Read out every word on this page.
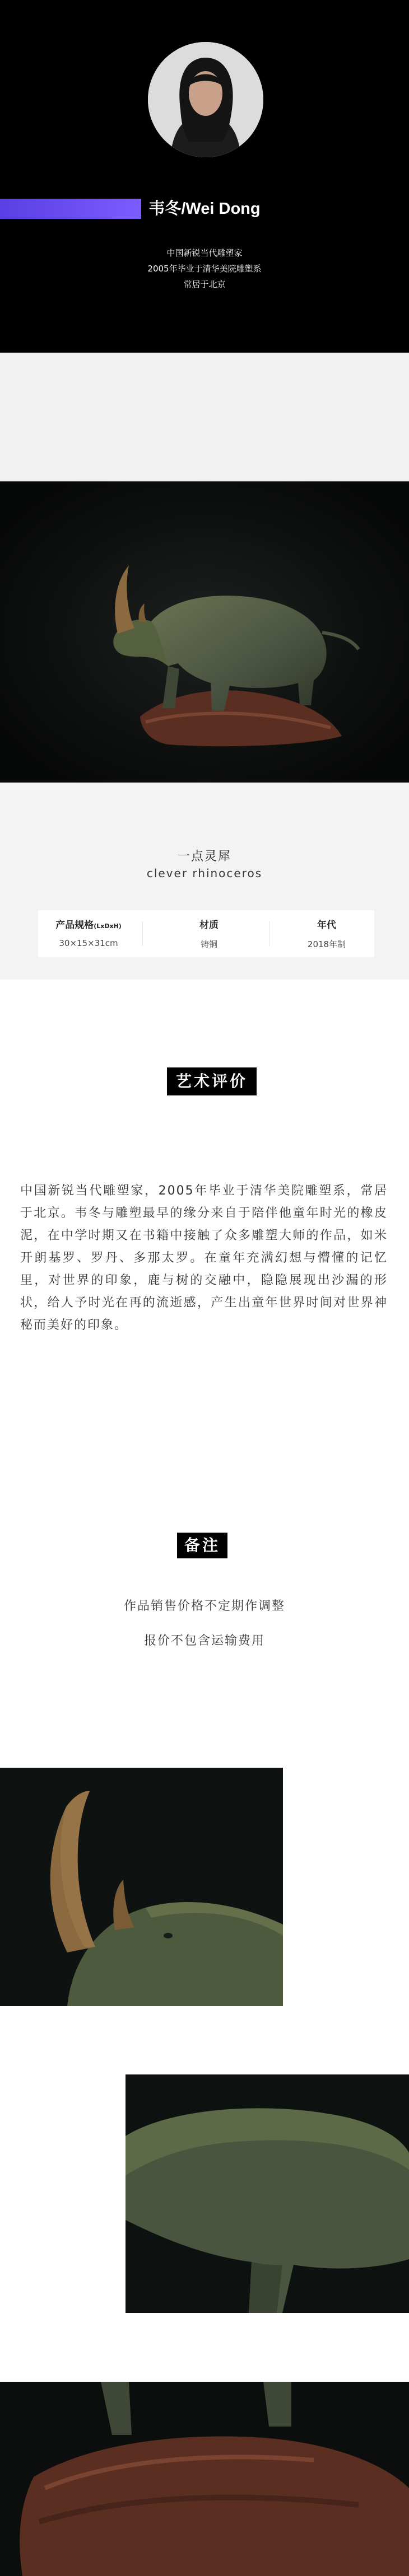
韦冬/Wei Dong
中国新锐当代雕塑家
2005年毕业于清华美院雕塑系
常居于北京
一点灵犀
clever rhinoceros
产品规格(LxDxH)
30×15×31cm
材质
铸铜
年代
2018年制
艺术评价

中国新锐当代雕塑家，2005年毕业于清华美院雕塑系，常居于北京。韦冬与雕塑最早的缘分来自于陪伴他童年时光的橡皮泥，在中学时期又在书籍中接触了众多雕塑大师的作品，如米开朗基罗、罗丹、多那太罗。在童年充满幻想与懵懂的记忆里，对世界的印象，鹿与树的交融中，隐隐展现出沙漏的形状，给人予时光在再的流逝感，产生出童年世界时间对世界神秘而美好的印象。

备注
作品销售价格不定期作调整
报价不包含运输费用
